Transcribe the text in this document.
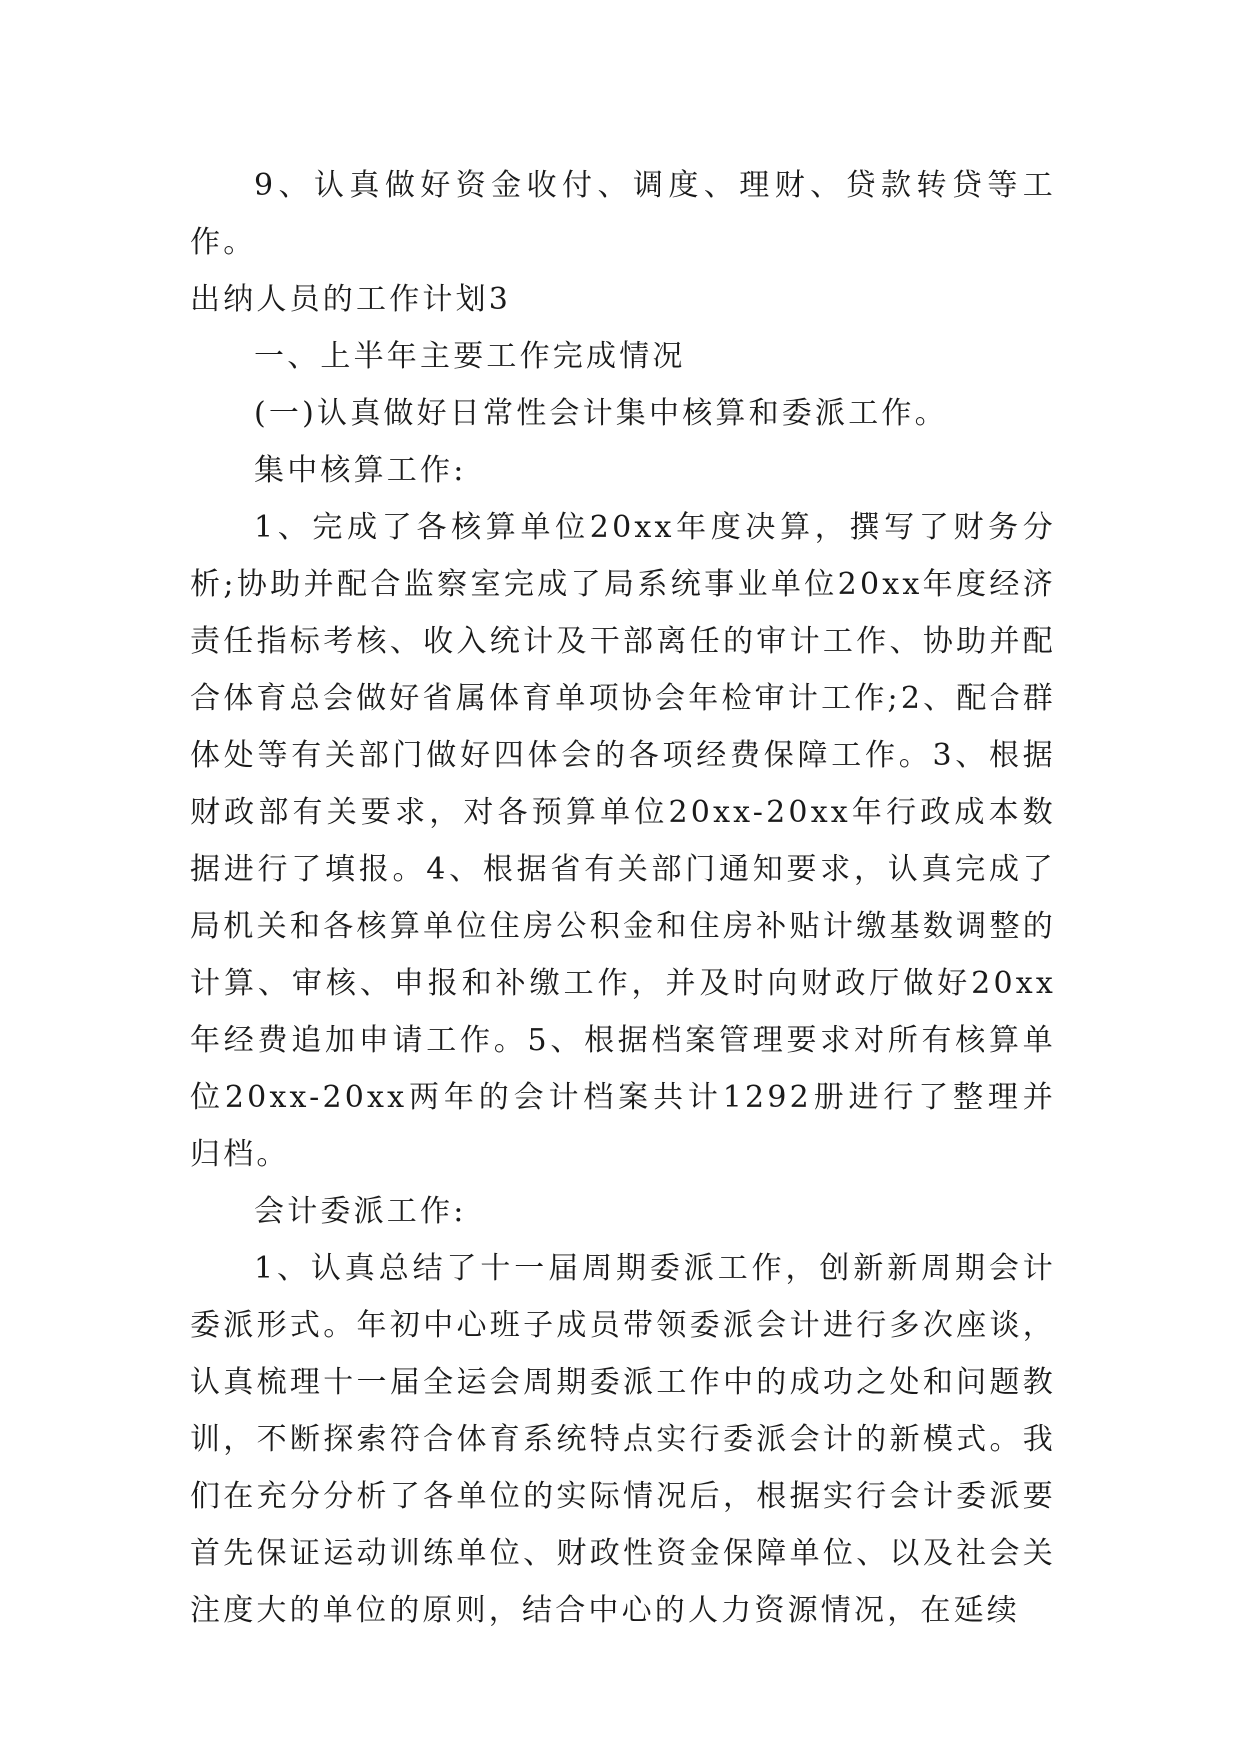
9、认真做好资金收付、调度、理财、贷款转贷等工作。

出纳人员的工作计划3

一、上半年主要工作完成情况

(一)认真做好日常性会计集中核算和委派工作。

集中核算工作:

1、完成了各核算单位20xx年度决算，撰写了财务分析;协助并配合监察室完成了局系统事业单位20xx年度经济责任指标考核、收入统计及干部离任的审计工作、协助并配合体育总会做好省属体育单项协会年检审计工作;2、配合群体处等有关部门做好四体会的各项经费保障工作。3、根据财政部有关要求，对各预算单位20xx-20xx年行政成本数据进行了填报。4、根据省有关部门通知要求，认真完成了局机关和各核算单位住房公积金和住房补贴计缴基数调整的计算、审核、申报和补缴工作，并及时向财政厅做好20xx年经费追加申请工作。5、根据档案管理要求对所有核算单位20xx-20xx两年的会计档案共计1292册进行了整理并归档。

会计委派工作:

1、认真总结了十一届周期委派工作，创新新周期会计委派形式。年初中心班子成员带领委派会计进行多次座谈，认真梳理十一届全运会周期委派工作中的成功之处和问题教训，不断探索符合体育系统特点实行委派会计的新模式。我们在充分分析了各单位的实际情况后，根据实行会计委派要首先保证运动训练单位、财政性资金保障单位、以及社会关注度大的单位的原则，结合中心的人力资源情况，在延续
